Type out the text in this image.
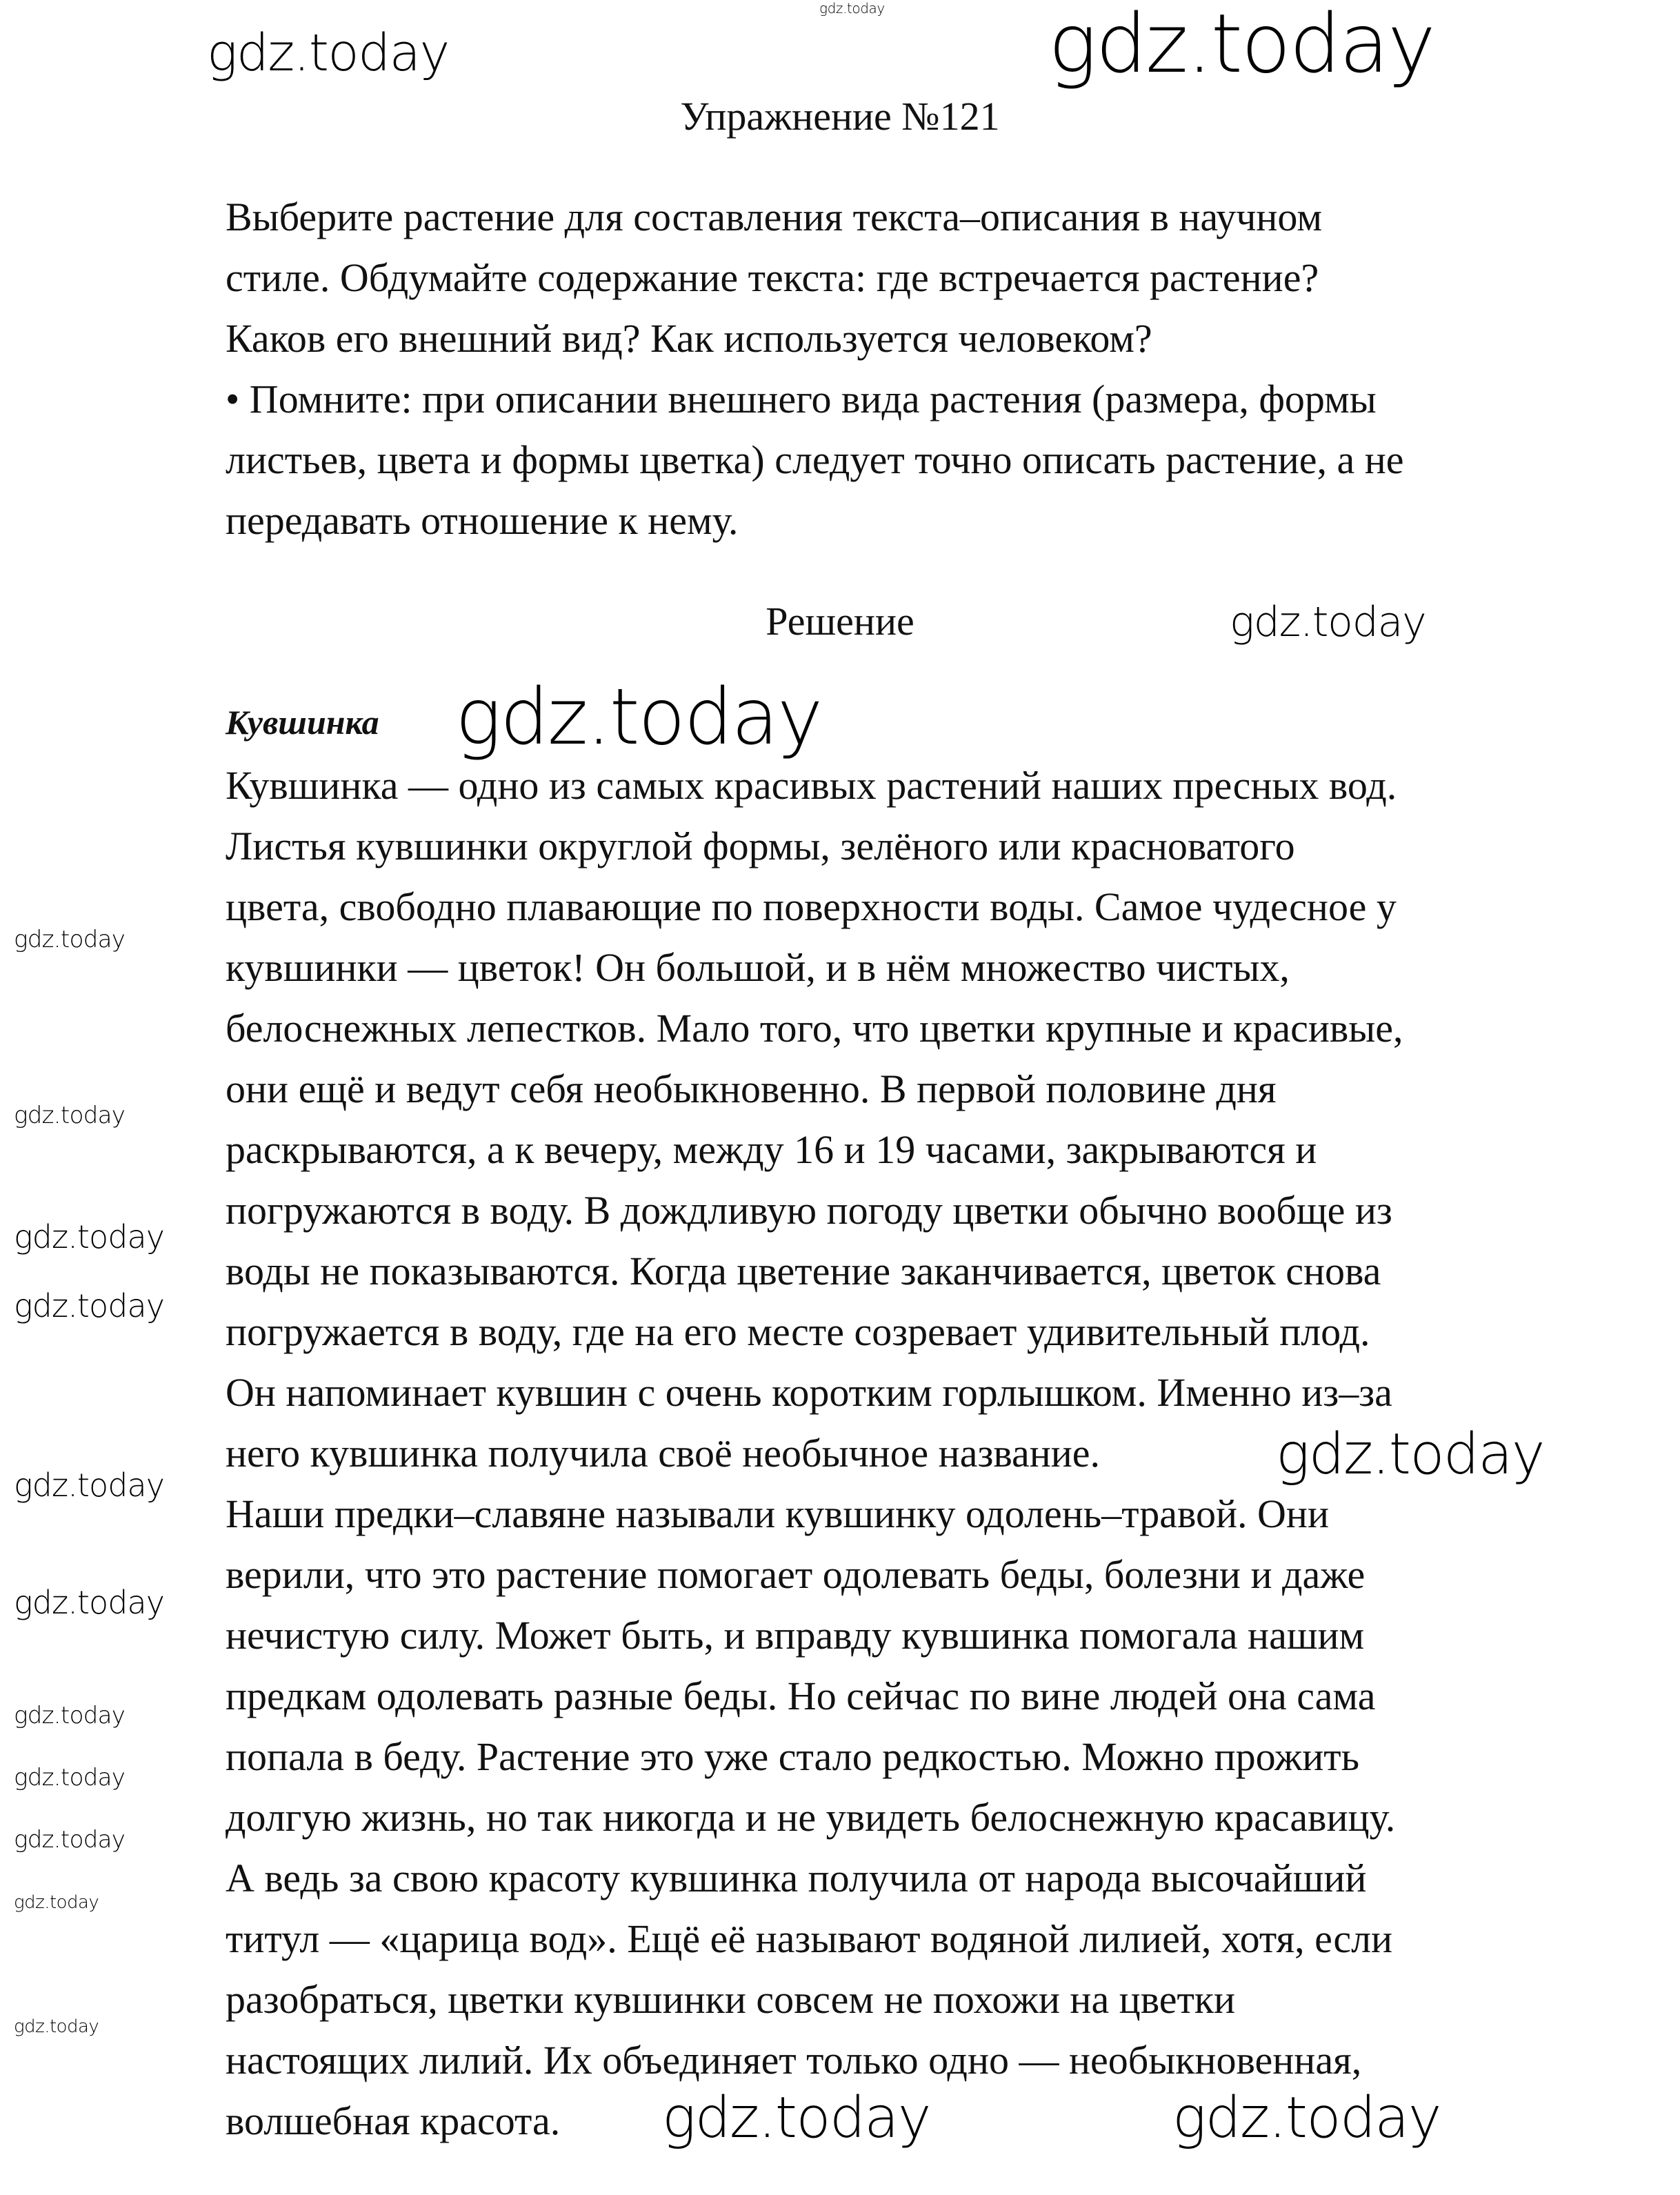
Упражнение №121
Выберите растение для составления текста–описания в научном
стиле. Обдумайте содержание текста: где встречается растение?
Каков его внешний вид? Как используется человеком?
• Помните: при описании внешнего вида растения (размера, формы
листьев, цвета и формы цветка) следует точно описать растение, а не
передавать отношение к нему.
Решение
Кувшинка
Кувшинка — одно из самых красивых растений наших пресных вод.
Листья кувшинки округлой формы, зелёного или красноватого
цвета, свободно плавающие по поверхности воды. Самое чудесное у
кувшинки — цветок! Он большой, и в нём множество чистых,
белоснежных лепестков. Мало того, что цветки крупные и красивые,
они ещё и ведут себя необыкновенно. В первой половине дня
раскрываются, а к вечеру, между 16 и 19 часами, закрываются и
погружаются в воду. В дождливую погоду цветки обычно вообще из
воды не показываются. Когда цветение заканчивается, цветок снова
погружается в воду, где на его месте созревает удивительный плод.
Он напоминает кувшин с очень коротким горлышком. Именно из–за
него кувшинка получила своё необычное название.
Наши предки–славяне называли кувшинку одолень–травой. Они
верили, что это растение помогает одолевать беды, болезни и даже
нечистую силу. Может быть, и вправду кувшинка помогала нашим
предкам одолевать разные беды. Но сейчас по вине людей она сама
попала в беду. Растение это уже стало редкостью. Можно прожить
долгую жизнь, но так никогда и не увидеть белоснежную красавицу.
А ведь за свою красоту кувшинка получила от народа высочайший
титул — «царица вод». Ещё её называют водяной лилией, хотя, если
разобраться, цветки кувшинки совсем не похожи на цветки
настоящих лилий. Их объединяет только одно — необыкновенная,
волшебная красота.
gdz.today
gdz.today	gdz.today
gdz.today
gdz.today
gdz.today
gdz.today
gdz.today
gdz.today
gdz.today
gdz.today
gdz.today
gdz.today
gdz.today
gdz.today
gdz.today
gdz.today
gdz.today	gdz.today
